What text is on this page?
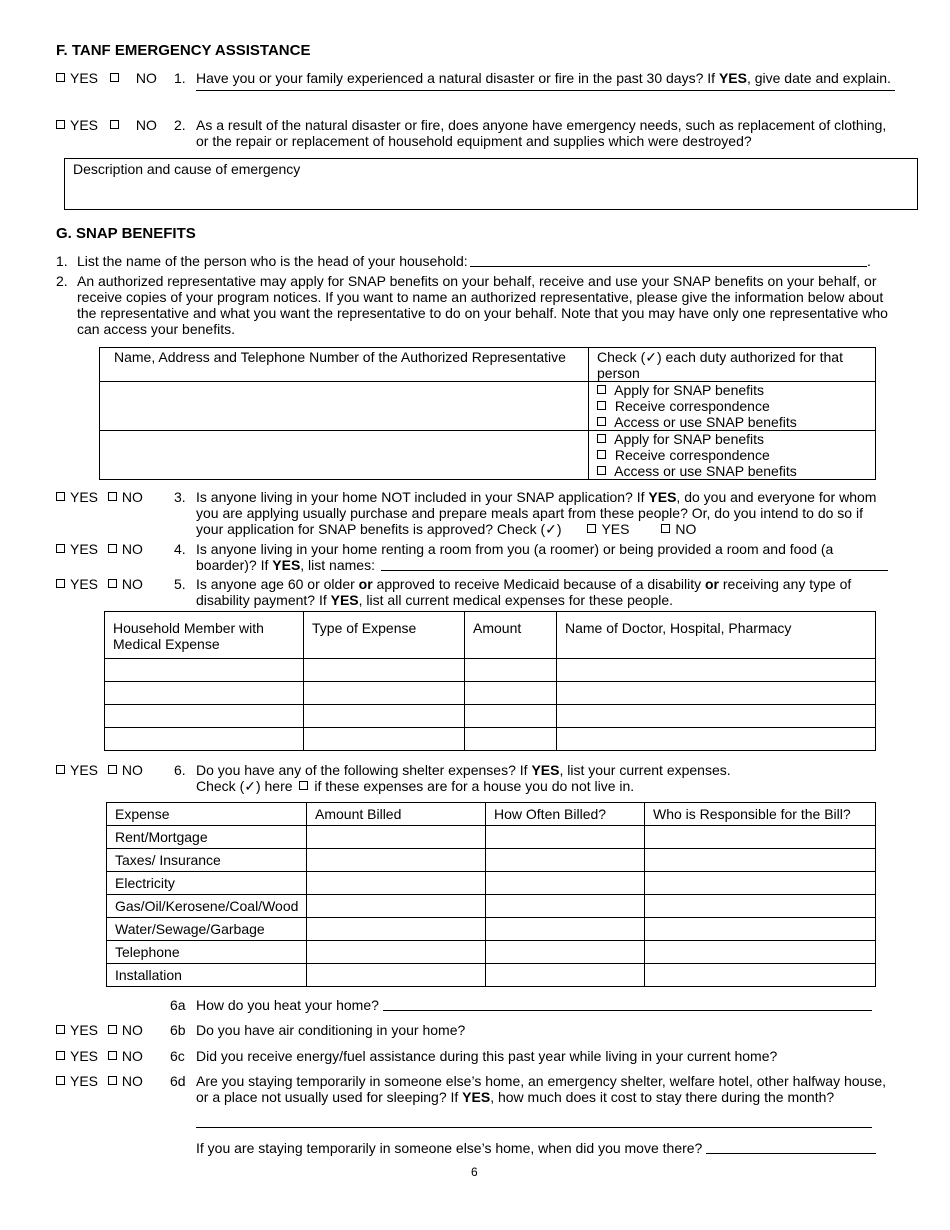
F. TANF EMERGENCY ASSISTANCE
YES	NO 1. Have you or your family experienced a natural disaster or fire in the past 30 days? If YES, give date and explain.
YES	NO 2. As a result of the natural disaster or fire, does anyone have emergency needs, such as replacement of clothing,
or the repair or replacement of household equipment and supplies which were destroyed?
Description and cause of emergency
G. SNAP BENEFITS
1. List the name of the person who is the head of your household:	.
2. An authorized representative may apply for SNAP benefits on your behalf, receive and use your SNAP benefits on your behalf, or
receive copies of your program notices. If you want to name an authorized representative, please give the information below about
the representative and what you want the representative to do on your behalf. Note that you may have only one representative who
can access your benefits.
Name, Address and Telephone Number of the Authorized Representative	Check (✓) each duty authorized for that
person

	Apply for SNAP benefits
Receive correspondence
Access or use SNAP benefits

	Apply for SNAP benefits
Receive correspondence
Access or use SNAP benefits
YES NO 3. Is anyone living in your home NOT included in your SNAP application? If YES, do you and everyone for whom
you are applying usually purchase and prepare meals apart from these people? Or, do you intend to do so if
your application for SNAP benefits is approved? Check (✓)	YES	NO
YES NO 4. Is anyone living in your home renting a room from you (a roomer) or being provided a room and food (a
boarder)? If YES, list names:
YES NO 5. Is anyone age 60 or older or approved to receive Medicaid because of a disability or receiving any type of
disability payment? If YES, list all current medical expenses for these people.
Household Member with
Medical Expense	Type of Expense	Amount	Name of Doctor, Hospital, Pharmacy

YES NO 6. Do you have any of the following shelter expenses? If YES, list your current expenses.
Check (✓) here if these expenses are for a house you do not live in.
Expense	Amount Billed	How Often Billed?	Who is Responsible for the Bill?
Rent/Mortgage			
Taxes/ Insurance			
Electricity			
Gas/Oil/Kerosene/Coal/Wood			
Water/Sewage/Garbage			
Telephone			
Installation			
6a How do you heat your home?
YES NO 6b Do you have air conditioning in your home?
YES NO 6c Did you receive energy/fuel assistance during this past year while living in your current home?
YES NO 6d Are you staying temporarily in someone else’s home, an emergency shelter, welfare hotel, other halfway house,
or a place not usually used for sleeping? If YES, how much does it cost to stay there during the month?
If you are staying temporarily in someone else’s home, when did you move there?
6
